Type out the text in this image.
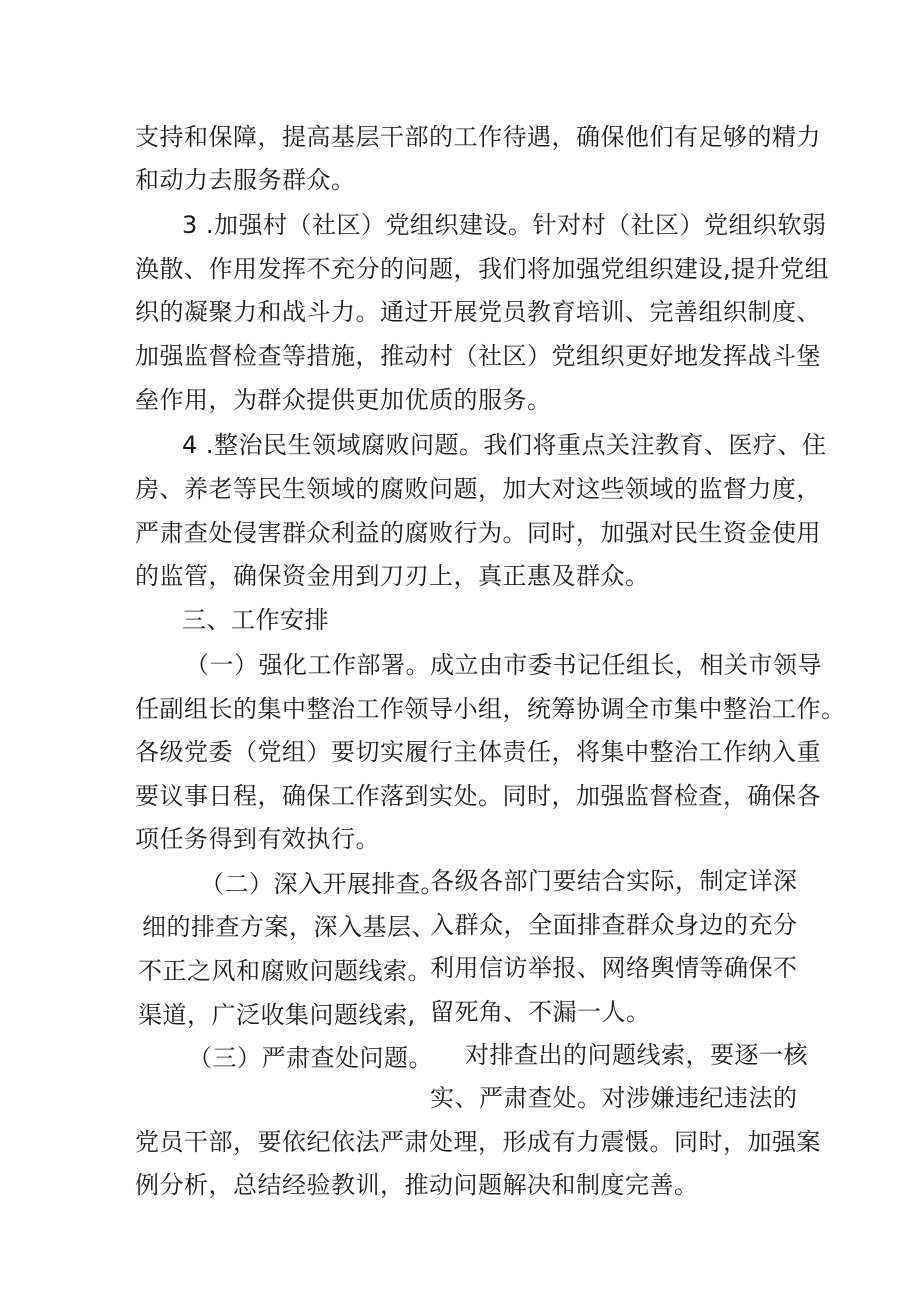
支持和保障，提高基层干部的工作待遇，确保他们有足够的精力
和动力去服务群众。
3 .加强村（社区）党组织建设。针对村（社区）党组织软弱
涣散、作用发挥不充分的问题，我们将加强党组织建设,提升党组
织的凝聚力和战斗力。通过开展党员教育培训、完善组织制度、
加强监督检查等措施，推动村（社区）党组织更好地发挥战斗堡
垒作用，为群众提供更加优质的服务。
4 .整治民生领域腐败问题。我们将重点关注教育、医疗、住
房、养老等民生领域的腐败问题，加大对这些领域的监督力度，
严肃查处侵害群众利益的腐败行为。同时，加强对民生资金使用
的监管，确保资金用到刀刃上，真正惠及群众。
三、工作安排
（一）强化工作部署。成立由市委书记任组长，相关市领导
任副组长的集中整治工作领导小组，统筹协调全市集中整治工作。
各级党委（党组）要切实履行主体责任，将集中整治工作纳入重
要议事日程，确保工作落到实处。同时，加强监督检查，确保各
项任务得到有效执行。
（二）深入开展排查。
细的排查方案，深入基层、
不正之风和腐败问题线索。
渠道，广泛收集问题线索,
各级各部门要结合实际，制定详深
入群众，全面排查群众身边的充分
利用信访举报、网络舆情等确保不
留死角、不漏一人。
（三）严肃查处问题。 对排查出的问题线索，要逐一核
实、严肃查处。对涉嫌违纪违法的
党员干部，要依纪依法严肃处理，形成有力震慑。同时，加强案
例分析，总结经验教训，推动问题解决和制度完善。
